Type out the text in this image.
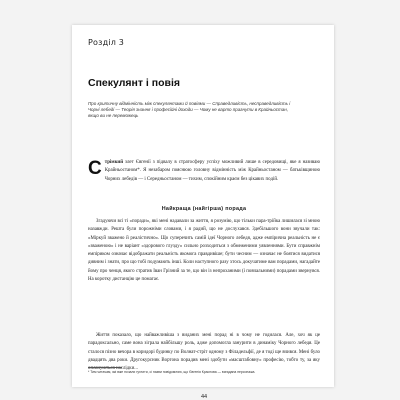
Розділ 3
Спекулянт і повія

Про критичну відмінність між спекулянтами й повіями — Справедливість, несправедливість і Чорні лебеді — Теорія знання і професійні доходи — Чому не варто прагнути в Крайньостан, якщо ви не переможець

Стрімкий злет Євгенії з підвалу в стратосферу успіху можливий лише в середовищі, яке я називаю Крайньостаном*. Я незабаром пояснюю головну відмінність між Крайньостаном — батьківщиною Чорних лебедів — і Середньостаном — тихим, спокійним краєм без цікавих подій.

Найкраща (найгірша) порада

Згадуючи всі ті «поради», які мені надавали за життя, я розумію, що тільки пара-трійка лишилася зі мною назавжди. Решта були порожніми словами, і я радий, що не дослухався. Здебільшого вони звучали так: «Міркуй зважено й реалістично». Що суперечить самій ідеї Чорного лебедя, адже емпірична реальність не є «зваженою» і не варіант «здорового глузду» сильно розходиться з обмеженими уявленнями. Бути справжнім емпіриком означає відображати реальність якомога правдивіше; бути чесним — означає не боятися видатися дивним і знати, про що тобі подумають інші. Коли наступного разу хтось докучатиме вам порадами, нагадайте йому про ченця, якого стратив Іван Грізний за те, що він із непроханими (і повчальними) порадами звернувся. На коротку дистанцію це помагає.

Життя показало, що найважливіша з виданих мені порад ні в чому не годилася. Але, хоч як це парадоксально, саме вона зіграла найбільшу роль, адже допомогла занурити в динаміку Чорного лебедя. Це сталося пізно вечора в коридорі будинку по Волнат-стріт одному з Філадельфії, де я тоді ще вчився. Мені було двадцять два роки. Другокурсник Вортона порадив мені здобути «масштабовну» професію, тобто ту, за яку оплачуються наслідки...

* Тим читачам, які вже почали гуглити, сі назви повідомляю, що Євгенія Краснова — вигадана персонажа.

44
